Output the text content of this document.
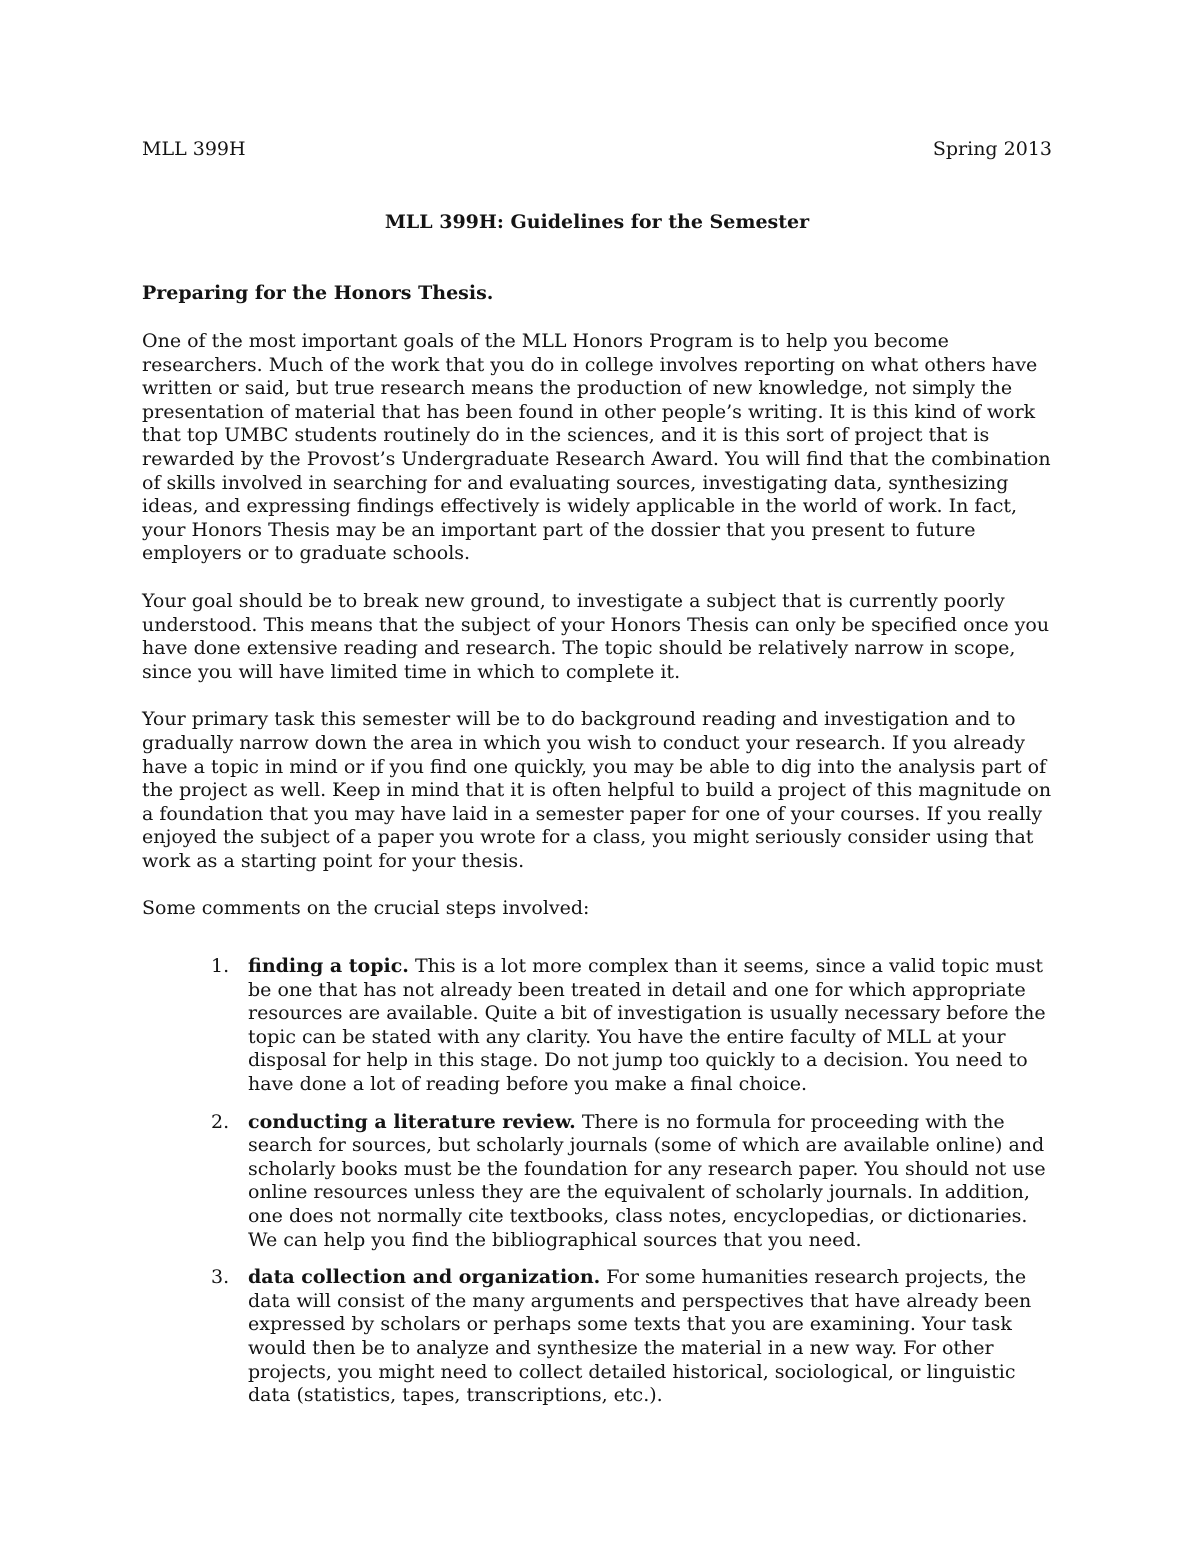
MLL 399H	Spring 2013
MLL 399H: Guidelines for the Semester
Preparing for the Honors Thesis.

One of the most important goals of the MLL Honors Program is to help you become researchers. Much of the work that you do in college involves reporting on what others have written or said, but true research means the production of new knowledge, not simply the presentation of material that has been found in other people’s writing. It is this kind of work that top UMBC students routinely do in the sciences, and it is this sort of project that is rewarded by the Provost’s Undergraduate Research Award. You will find that the combination of skills involved in searching for and evaluating sources, investigating data, synthesizing ideas, and expressing findings effectively is widely applicable in the world of work. In fact, your Honors Thesis may be an important part of the dossier that you present to future employers or to graduate schools.

Your goal should be to break new ground, to investigate a subject that is currently poorly understood. This means that the subject of your Honors Thesis can only be specified once you have done extensive reading and research. The topic should be relatively narrow in scope, since you will have limited time in which to complete it.

Your primary task this semester will be to do background reading and investigation and to gradually narrow down the area in which you wish to conduct your research. If you already have a topic in mind or if you find one quickly, you may be able to dig into the analysis part of the project as well. Keep in mind that it is often helpful to build a project of this magnitude on a foundation that you may have laid in a semester paper for one of your courses. If you really enjoyed the subject of a paper you wrote for a class, you might seriously consider using that work as a starting point for your thesis.

Some comments on the crucial steps involved:

1. finding a topic. This is a lot more complex than it seems, since a valid topic must be one that has not already been treated in detail and one for which appropriate resources are available. Quite a bit of investigation is usually necessary before the topic can be stated with any clarity. You have the entire faculty of MLL at your disposal for help in this stage. Do not jump too quickly to a decision. You need to have done a lot of reading before you make a final choice.
2. conducting a literature review. There is no formula for proceeding with the search for sources, but scholarly journals (some of which are available online) and scholarly books must be the foundation for any research paper. You should not use online resources unless they are the equivalent of scholarly journals. In addition, one does not normally cite textbooks, class notes, encyclopedias, or dictionaries. We can help you find the bibliographical sources that you need.
3. data collection and organization. For some humanities research projects, the data will consist of the many arguments and perspectives that have already been expressed by scholars or perhaps some texts that you are examining. Your task would then be to analyze and synthesize the material in a new way. For other projects, you might need to collect detailed historical, sociological, or linguistic data (statistics, tapes, transcriptions, etc.).
